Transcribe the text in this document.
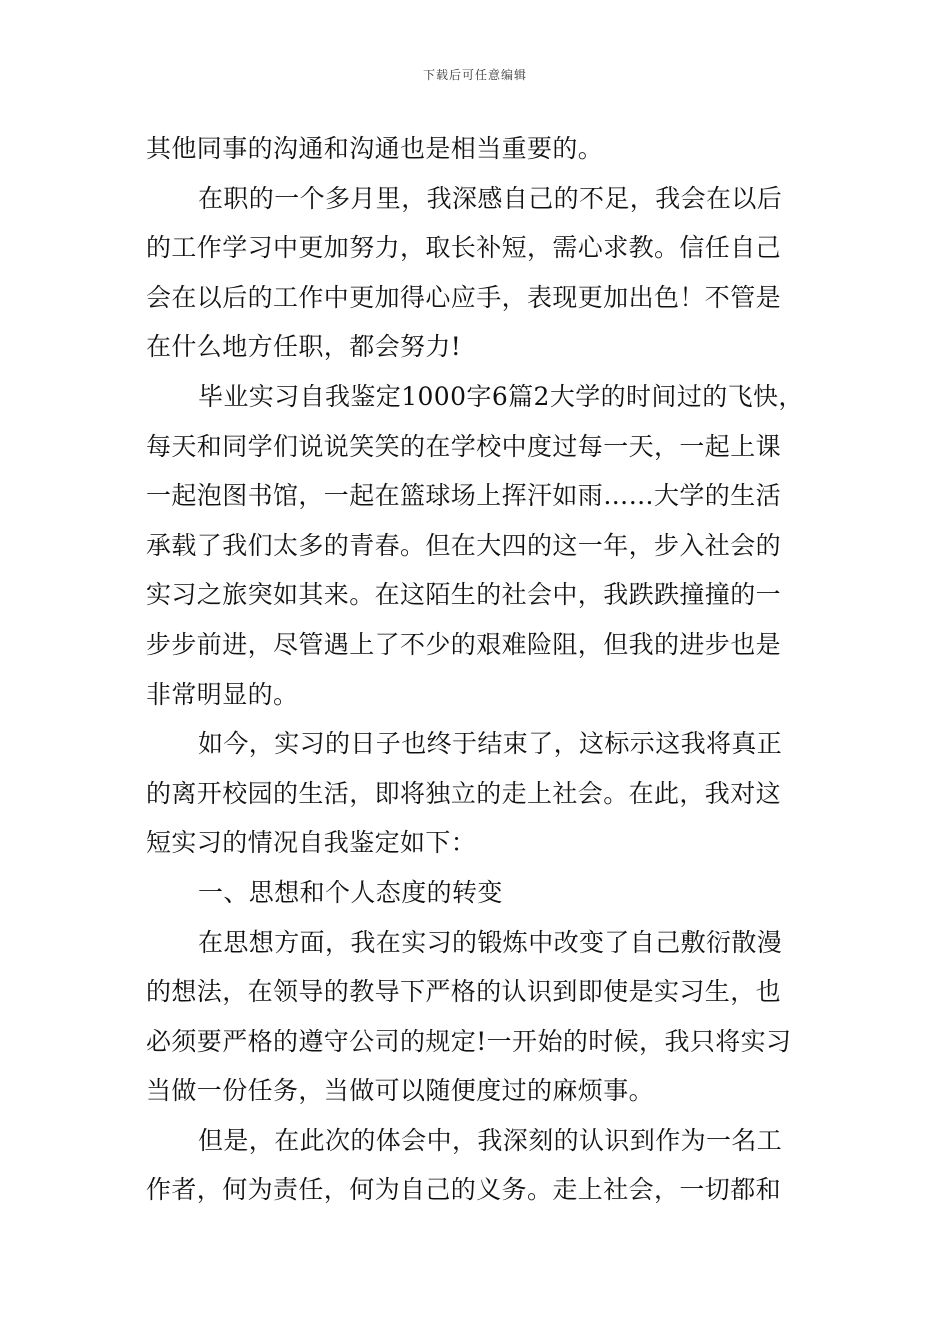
下载后可任意编辑
其他同事的沟通和沟通也是相当重要的。
在职的一个多月里，我深感自己的不足，我会在以后
的工作学习中更加努力，取长补短，需心求教。信任自己
会在以后的工作中更加得心应手，表现更加出色！不管是
在什么地方任职，都会努力!
毕业实习自我鉴定1000字6篇2大学的时间过的飞快，
每天和同学们说说笑笑的在学校中度过每一天，一起上课
一起泡图书馆，一起在篮球场上挥汗如雨……大学的生活
承载了我们太多的青春。但在大四的这一年，步入社会的
实习之旅突如其来。在这陌生的社会中，我跌跌撞撞的一
步步前进，尽管遇上了不少的艰难险阻，但我的进步也是
非常明显的。
如今，实习的日子也终于结束了，这标示这我将真正
的离开校园的生活，即将独立的走上社会。在此，我对这
短实习的情况自我鉴定如下：
一、思想和个人态度的转变
在思想方面，我在实习的锻炼中改变了自己敷衍散漫
的想法，在领导的教导下严格的认识到即使是实习生，也
必须要严格的遵守公司的规定!一开始的时候，我只将实习
当做一份任务，当做可以随便度过的麻烦事。
但是，在此次的体会中，我深刻的认识到作为一名工
作者，何为责任，何为自己的义务。走上社会，一切都和
